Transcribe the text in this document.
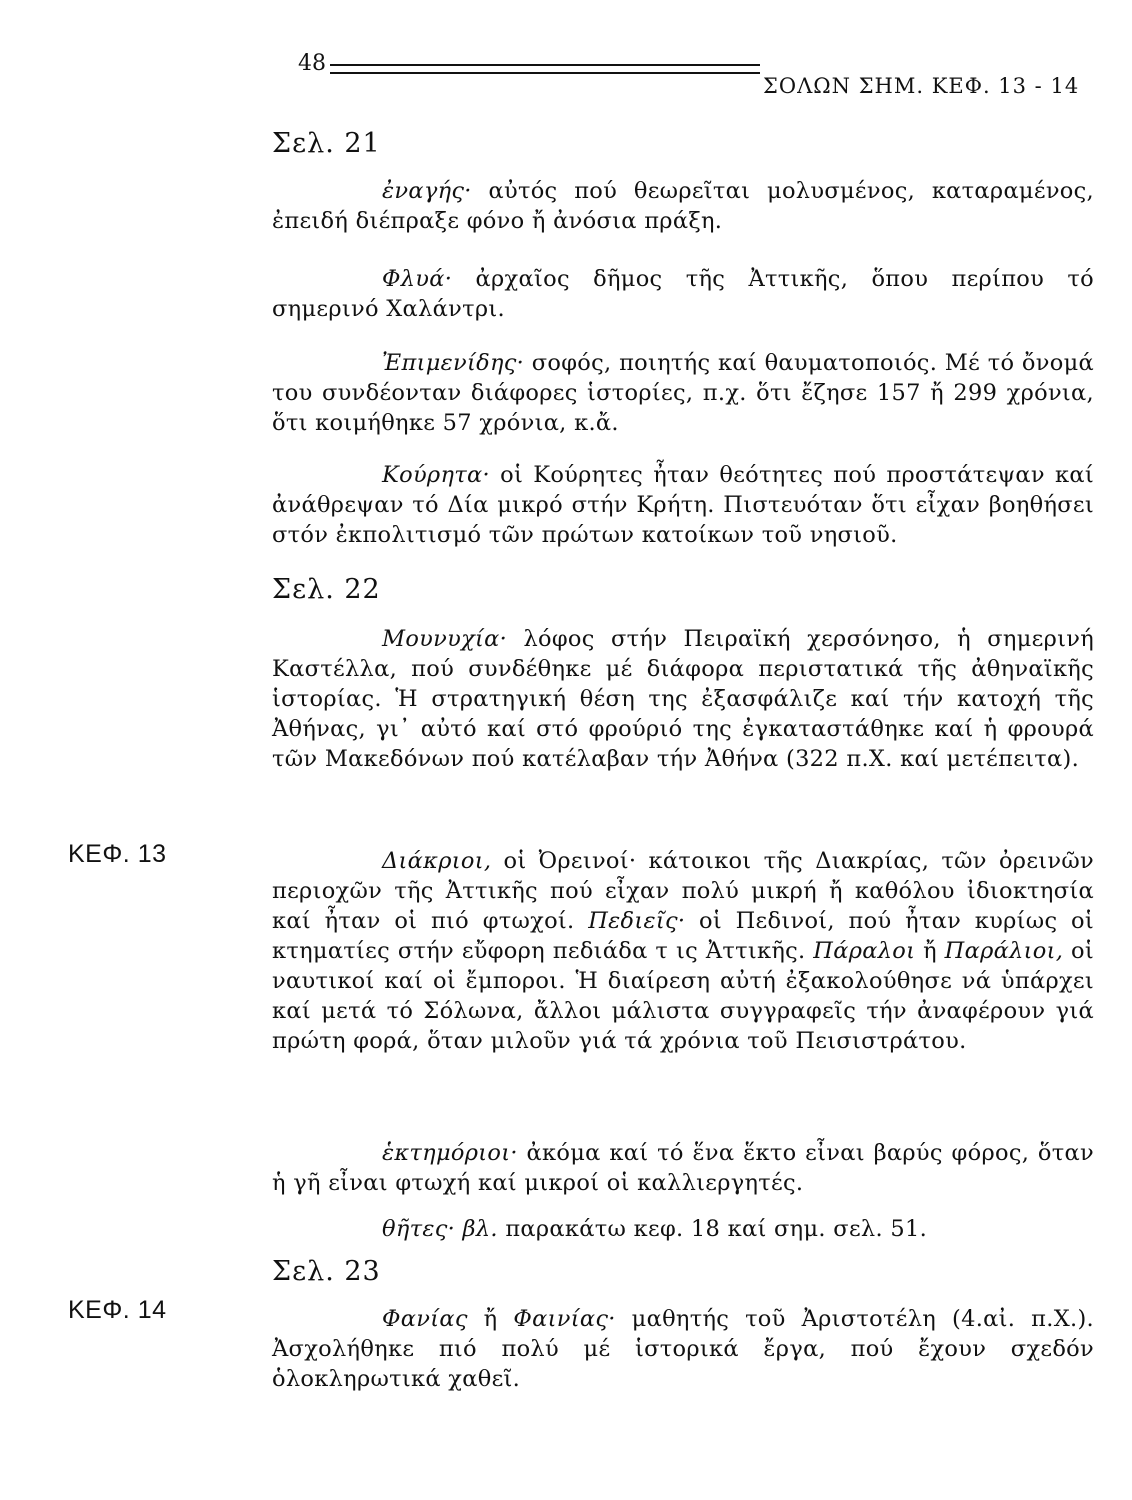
48
ΣΟΛΩΝ ΣΗΜ. ΚΕΦ. 13 - 14
Σελ. 21

ἐναγής· αὐτός πού θεωρεῖται μολυσμένος, καταραμένος, ἐπειδή διέπραξε φόνο ἤ ἀνόσια πράξη.

Φλυά· ἀρχαῖος δῆμος τῆς Ἀττικῆς, ὅπου περίπου τό σημερινό Χαλάντρι.

Ἐπιμενίδης· σοφός, ποιητής καί θαυματοποιός. Μέ τό ὄνομά του συνδέονταν διάφορες ἱστορίες, π.χ. ὅτι ἔζησε 157 ἤ 299 χρόνια, ὅτι κοιμήθηκε 57 χρόνια, κ.ἄ.

Κούρητα· οἱ Κούρητες ἦταν θεότητες πού προστάτεψαν καί ἀνάθρεψαν τό Δία μικρό στήν Κρήτη. Πιστευόταν ὅτι εἶχαν βοηθήσει στόν ἐκπολιτισμό τῶν πρώτων κατοίκων τοῦ νησιοῦ.

Σελ. 22

Μουνυχία· λόφος στήν Πειραϊκή χερσόνησο, ἡ σημερινή Καστέλλα, πού συνδέθηκε μέ διάφορα περιστατικά τῆς ἀθηναϊκῆς ἱστορίας. Ἡ στρατηγική θέση της ἐξασφάλιζε καί τήν κατοχή τῆς Ἀθήνας, γι᾽ αὐτό καί στό φρούριό της ἐγκαταστάθηκε καί ἡ φρουρά τῶν Μακεδόνων πού κατέλαβαν τήν Ἀθήνα (322 π.Χ. καί μετέπειτα).

ΚΕΦ. 13	Διάκριοι, οἱ Ὀρεινοί· κάτοικοι τῆς Διακρίας, τῶν ὀρεινῶν περιοχῶν τῆς Ἀττικῆς πού εἶχαν πολύ μικρή ἤ καθόλου ἰδιοκτησία καί ἦταν οἱ πιό φτωχοί. Πεδιεῖς· οἱ Πεδινοί, πού ἦταν κυρίως οἱ κτηματίες στήν εὔφορη πεδιάδα τ ις Ἀττικῆς. Πάραλοι ἤ Παράλιοι, οἱ ναυτικοί καί οἱ ἔμποροι. Ἡ διαίρεση αὐτή ἐξακολούθησε νά ὑπάρχει καί μετά τό Σόλωνα, ἄλλοι μάλιστα συγγραφεῖς τήν ἀναφέρουν γιά πρώτη φορά, ὅταν μιλοῦν γιά τά χρόνια τοῦ Πεισιστράτου.

ἑκτημόριοι· ἀκόμα καί τό ἕνα ἕκτο εἶναι βαρύς φόρος, ὅταν ἡ γῆ εἶναι φτωχή καί μικροί οἱ καλλιεργητές.

θῆτες· βλ. παρακάτω κεφ. 18 καί σημ. σελ. 51.

Σελ. 23
ΚΕΦ. 14	Φανίας ἤ Φαινίας· μαθητής τοῦ Ἀριστοτέλη (4.αἰ. π.Χ.). Ἀσχολήθηκε πιό πολύ μέ ἱστορικά ἔργα, πού ἔχουν σχεδόν ὁλοκληρωτικά χαθεῖ.
